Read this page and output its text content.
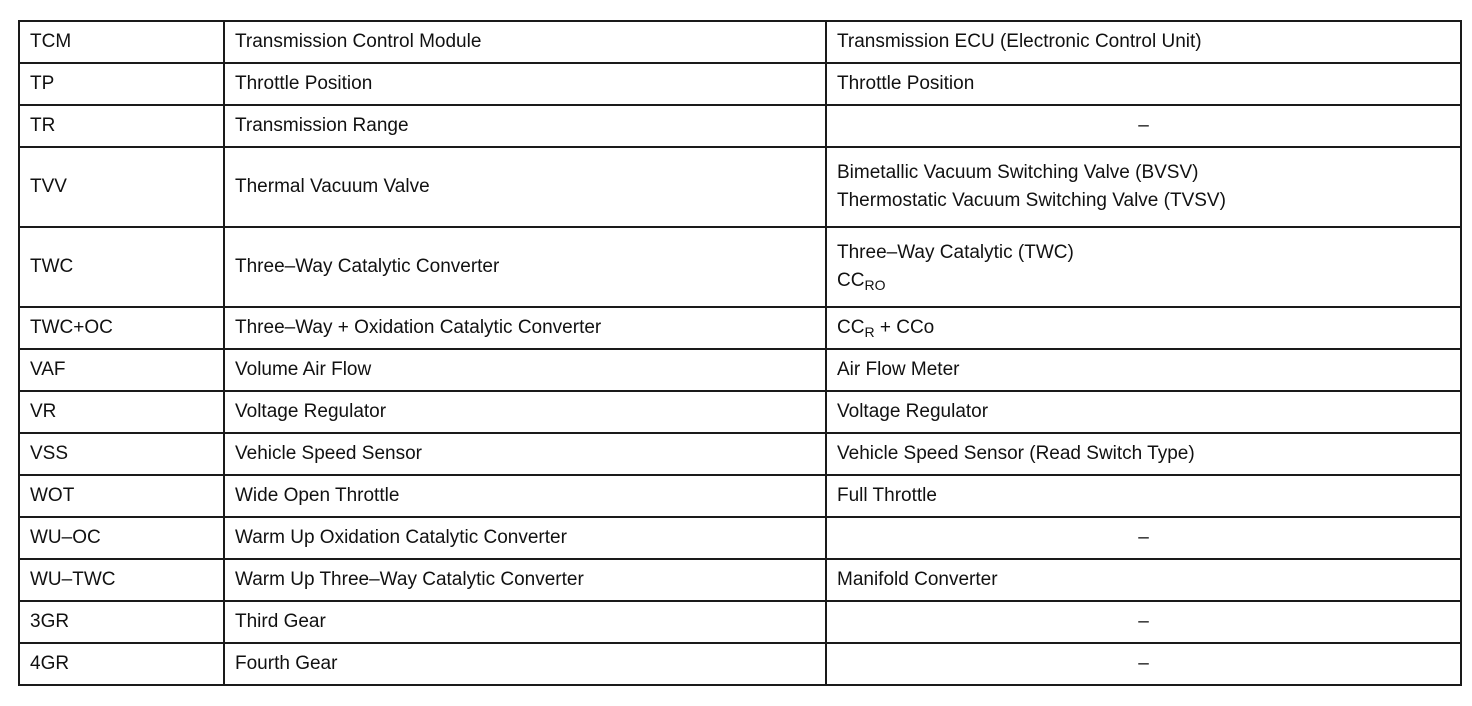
TCM	Transmission Control Module	Transmission ECU (Electronic Control Unit)
TP	Throttle Position	Throttle Position
TR	Transmission Range	–
TVV	Thermal Vacuum Valve	Bimetallic Vacuum Switching Valve (BVSV)
Thermostatic Vacuum Switching Valve (TVSV)

TWC	Three–Way Catalytic Converter	Three–Way Catalytic (TWC)
$CC_{RO}$

TWC+OC	Three–Way + Oxidation Catalytic Converter	$CC_R$ + CCo
VAF	Volume Air Flow	Air Flow Meter
VR	Voltage Regulator	Voltage Regulator
VSS	Vehicle Speed Sensor	Vehicle Speed Sensor (Read Switch Type)
WOT	Wide Open Throttle	Full Throttle
WU–OC	Warm Up Oxidation Catalytic Converter	–
WU–TWC	Warm Up Three–Way Catalytic Converter	Manifold Converter
3GR	Third Gear	–
4GR	Fourth Gear	–
